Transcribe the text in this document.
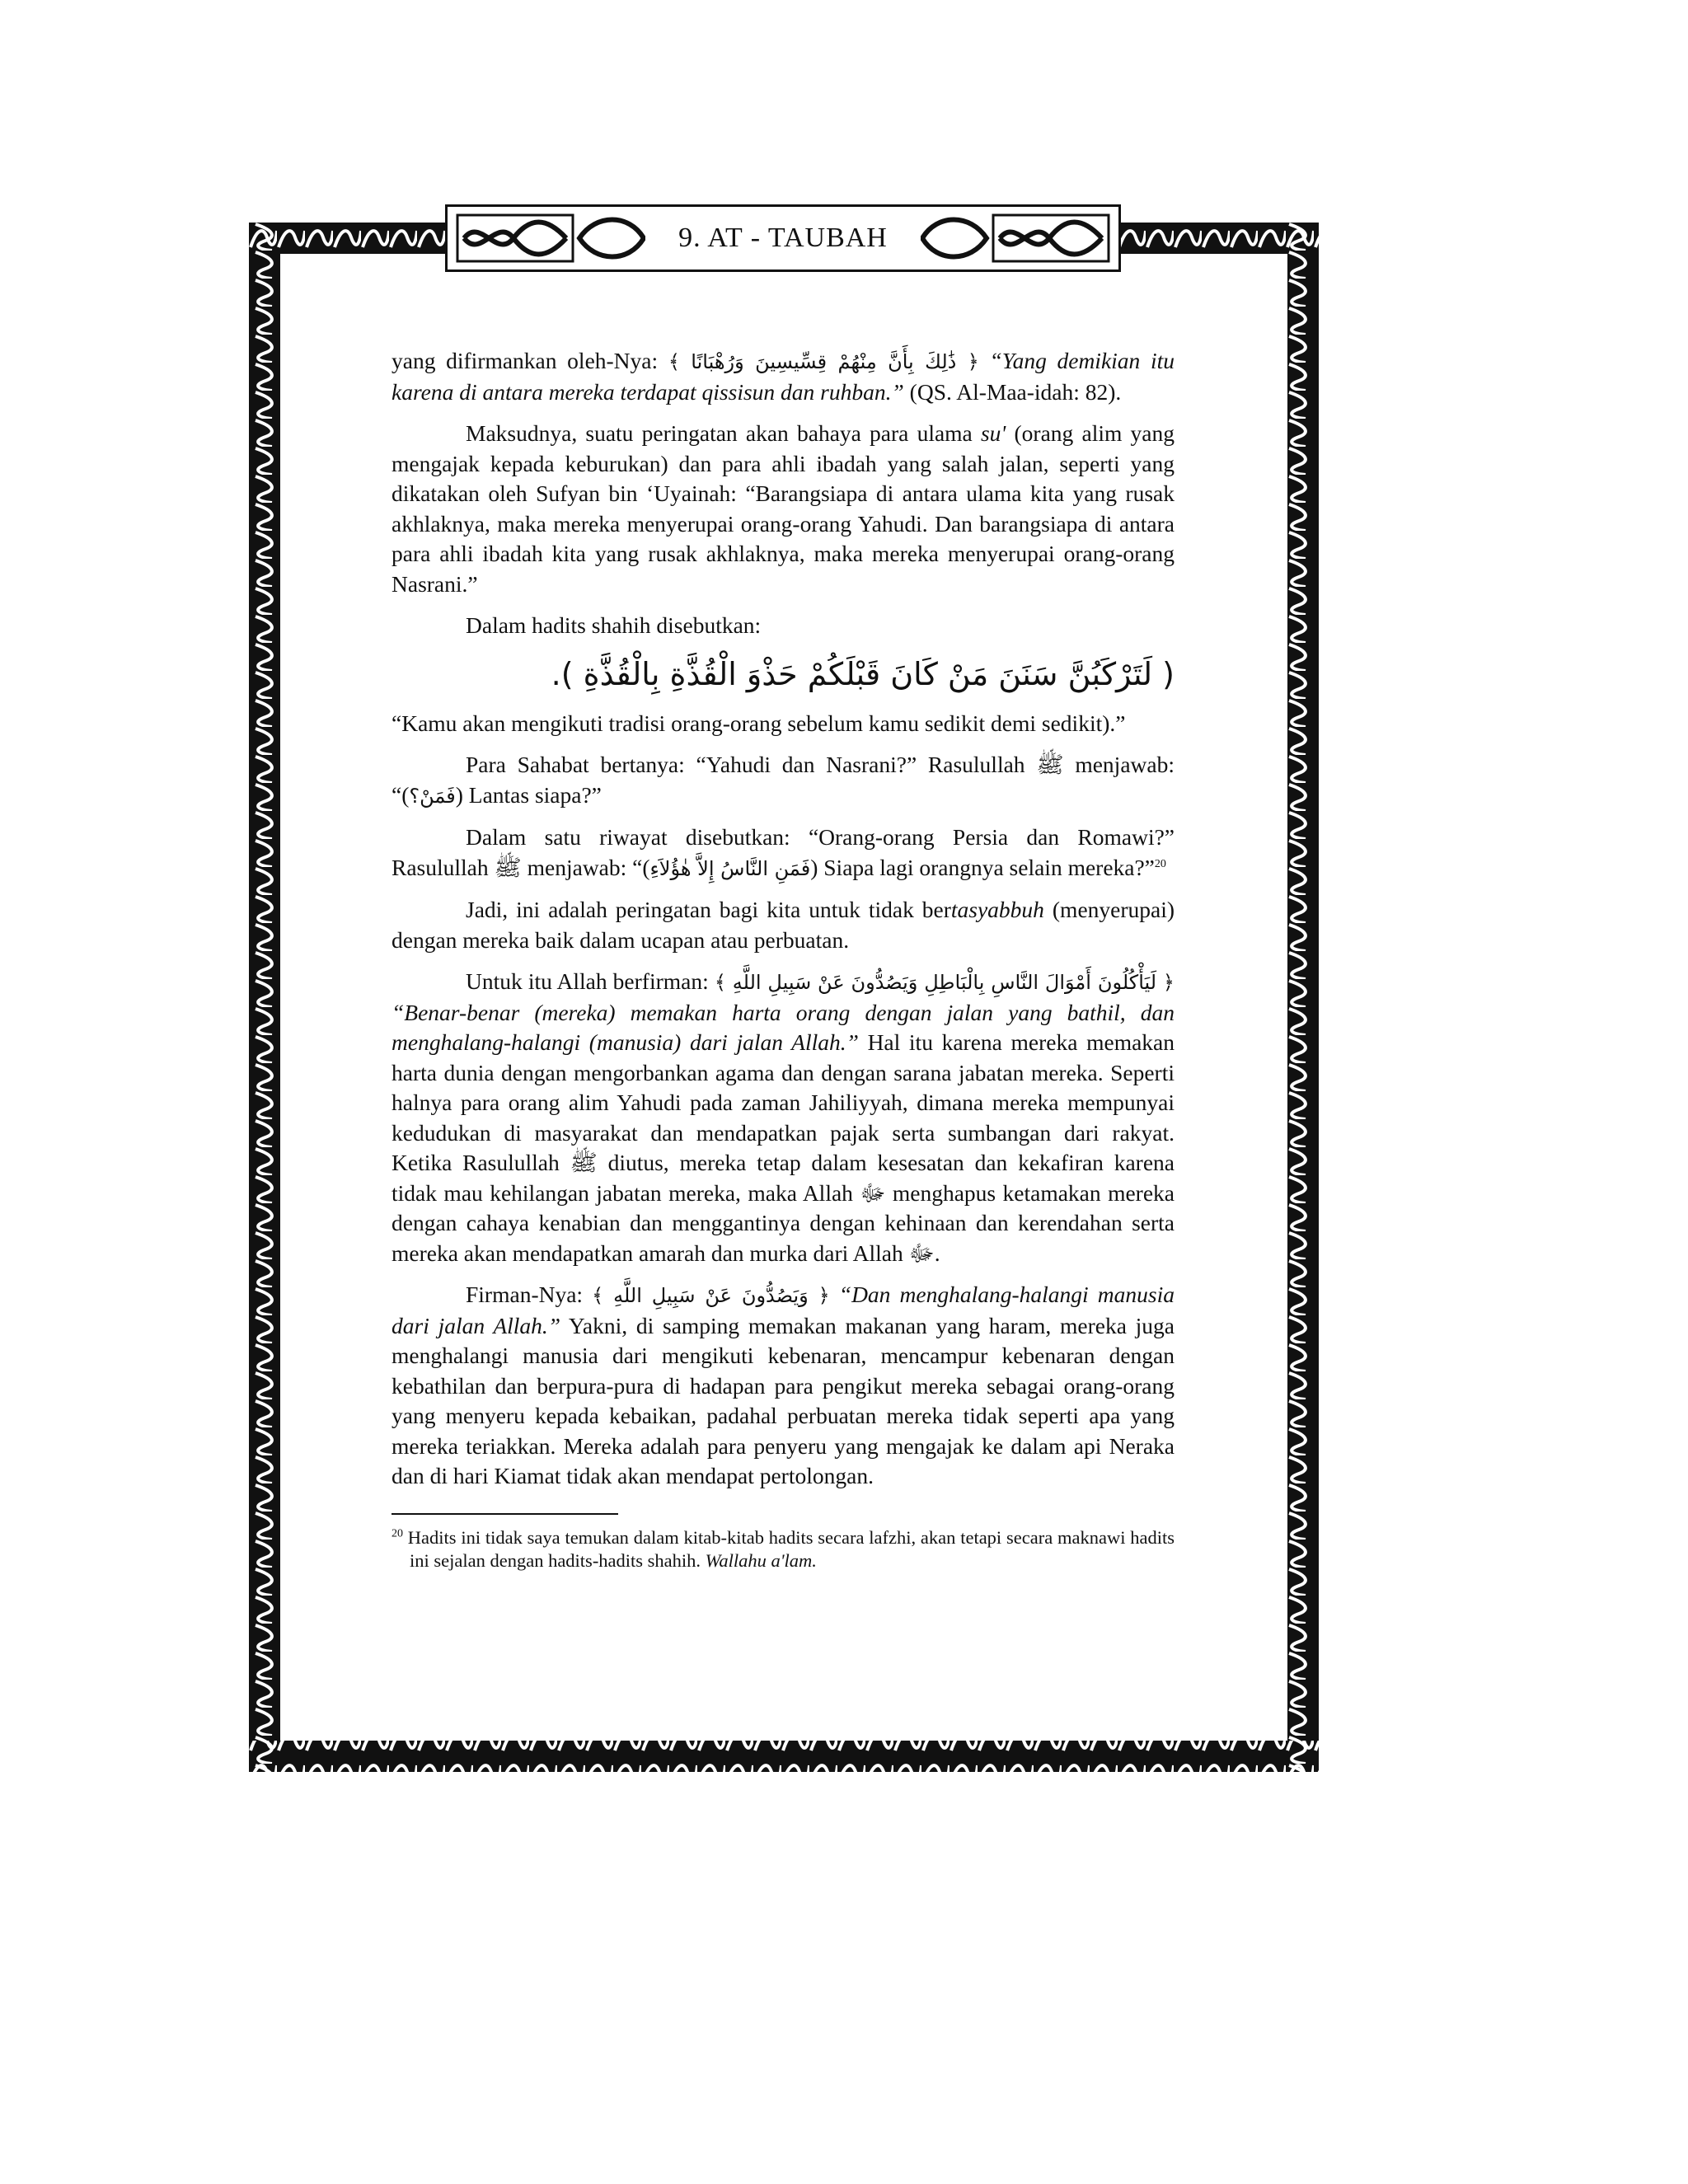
9. AT - TAUBAH

yang difirmankan oleh-Nya: ﴿ ذَٰلِكَ بِأَنَّ مِنْهُمْ قِسِّيسِينَ وَرُهْبَانًا ﴾ “Yang demikian itu karena di antara mereka terdapat qissisun dan ruhban.” (QS. Al-Maa-idah: 82).

Maksudnya, suatu peringatan akan bahaya para ulama su' (orang alim yang mengajak kepada keburukan) dan para ahli ibadah yang salah jalan, seperti yang dikatakan oleh Sufyan bin ‘Uyainah: “Barangsiapa di antara ulama kita yang rusak akhlaknya, maka mereka menyerupai orang-orang Yahudi. Dan barangsiapa di antara para ahli ibadah kita yang rusak akhlaknya, maka mereka menyerupai orang-orang Nasrani.”

Dalam hadits shahih disebutkan:

( لَتَرْكَبُنَّ سَنَنَ مَنْ كَانَ قَبْلَكُمْ حَذْوَ الْقُذَّةِ بِالْقُذَّةِ ).

“Kamu akan mengikuti tradisi orang-orang sebelum kamu sedikit demi sedikit).”

Para Sahabat bertanya: “Yahudi dan Nasrani?” Rasulullah ﷺ menjawab: “(فَمَنْ؟) Lantas siapa?”

Dalam satu riwayat disebutkan: “Orang-orang Persia dan Romawi?” Rasulullah ﷺ menjawab: “(فَمَنِ النَّاسُ إِلاَّ هٰؤُلاَءِ) Siapa lagi orangnya selain mereka?”$^{20}$

Jadi, ini adalah peringatan bagi kita untuk tidak bertasyabbuh (menyerupai) dengan mereka baik dalam ucapan atau perbuatan.

Untuk itu Allah berfirman: ﴿ لَيَأْكُلُونَ أَمْوَالَ النَّاسِ بِالْبَاطِلِ وَيَصُدُّونَ عَنْ سَبِيلِ اللَّهِ ﴾ “Benar-benar (mereka) memakan harta orang dengan jalan yang bathil, dan menghalang-halangi (manusia) dari jalan Allah.” Hal itu karena mereka memakan harta dunia dengan mengorbankan agama dan dengan sarana jabatan mereka. Seperti halnya para orang alim Yahudi pada zaman Jahiliyyah, dimana mereka mempunyai kedudukan di masyarakat dan mendapatkan pajak serta sumbangan dari rakyat. Ketika Rasulullah ﷺ diutus, mereka tetap dalam kesesatan dan kekafiran karena tidak mau kehilangan jabatan mereka, maka Allah ﷻ menghapus ketamakan mereka dengan cahaya kenabian dan menggantinya dengan kehinaan dan kerendahan serta mereka akan mendapatkan amarah dan murka dari Allah ﷻ.

Firman-Nya: ﴿ وَيَصُدُّونَ عَنْ سَبِيلِ اللَّهِ ﴾ “Dan menghalang-halangi manusia dari jalan Allah.” Yakni, di samping memakan makanan yang haram, mereka juga menghalangi manusia dari mengikuti kebenaran, mencampur kebenaran dengan kebathilan dan berpura-pura di hadapan para pengikut mereka sebagai orang-orang yang menyeru kepada kebaikan, padahal perbuatan mereka tidak seperti apa yang mereka teriakkan. Mereka adalah para penyeru yang mengajak ke dalam api Neraka dan di hari Kiamat tidak akan mendapat pertolongan.

$^{20}$ Hadits ini tidak saya temukan dalam kitab-kitab hadits secara lafzhi, akan tetapi secara maknawi hadits ini sejalan dengan hadits-hadits shahih. Wallahu a'lam.
